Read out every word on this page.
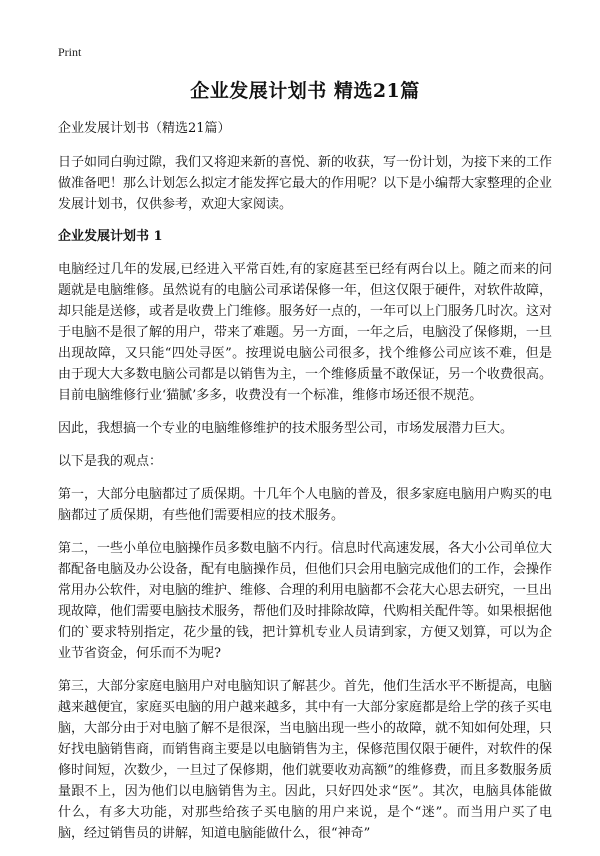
Print
企业发展计划书 精选21篇
企业发展计划书（精选21篇）

日子如同白驹过隙，我们又将迎来新的喜悦、新的收获，写一份计划，为接下来的工作做准备吧！那么计划怎么拟定才能发挥它最大的作用呢？以下是小编帮大家整理的企业发展计划书，仅供参考，欢迎大家阅读。

企业发展计划书 1

电脑经过几年的发展,已经进入平常百姓,有的家庭甚至已经有两台以上。随之而来的问题就是电脑维修。虽然说有的电脑公司承诺保修一年，但这仅限于硬件，对软件故障，却只能是送修，或者是收费上门维修。服务好一点的，一年可以上门服务几时次。这对于电脑不是很了解的用户，带来了难题。另一方面，一年之后，电脑没了保修期，一旦出现故障，又只能“四处寻医”。按理说电脑公司很多，找个维修公司应该不难，但是由于现大大多数电脑公司都是以销售为主，一个维修质量不敢保证，另一个收费很高。目前电脑维修行业‘猫腻’多多，收费没有一个标准，维修市场还很不规范。

因此，我想搞一个专业的电脑维修维护的技术服务型公司，市场发展潜力巨大。

以下是我的观点：

第一，大部分电脑都过了质保期。十几年个人电脑的普及，很多家庭电脑用户购买的电脑都过了质保期，有些他们需要相应的技术服务。

第二，一些小单位电脑操作员多数电脑不内行。信息时代高速发展，各大小公司单位大都配备电脑及办公设备，配有电脑操作员，但他们只会用电脑完成他们的工作，会操作常用办公软件，对电脑的维护、维修、合理的利用电脑都不会花大心思去研究，一旦出现故障，他们需要电脑技术服务，帮他们及时排除故障，代购相关配件等。如果根据他们的`要求特别指定，花少量的钱，把计算机专业人员请到家，方便又划算，可以为企业节省资金，何乐而不为呢?

第三，大部分家庭电脑用户对电脑知识了解甚少。首先，他们生活水平不断提高，电脑越来越便宜，家庭买电脑的用户越来越多，其中有一大部分家庭都是给上学的孩子买电脑，大部分由于对电脑了解不是很深，当电脑出现一些小的故障，就不知如何处理，只好找电脑销售商，而销售商主要是以电脑销售为主，保修范围仅限于硬件，对软件的保修时间短，次数少，一旦过了保修期，他们就要收劝高额”的维修费，而且多数服务质量跟不上，因为他们以电脑销售为主。因此，只好四处求“医”。其次，电脑具体能做什么，有多大功能，对那些给孩子买电脑的用户来说，是个“迷”。而当用户买了电脑，经过销售员的讲解，知道电脑能做什么，很“神奇”
